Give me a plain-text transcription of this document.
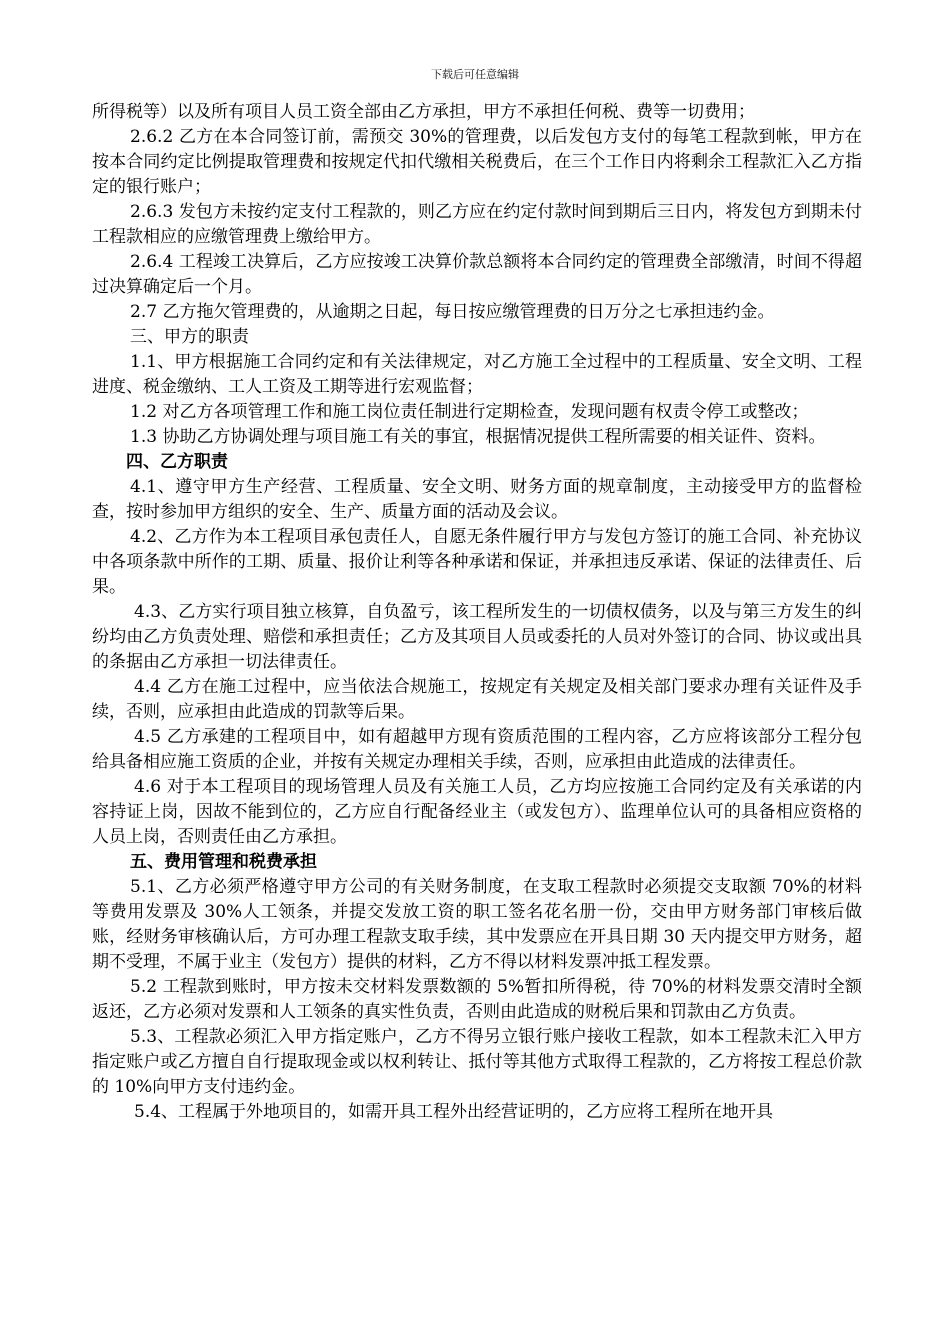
下载后可任意编辑

所得税等）以及所有项目人员工资全部由乙方承担，甲方不承担任何税、费等一切费用；

2.6.2 乙方在本合同签订前，需预交 30%的管理费，以后发包方支付的每笔工程款到帐，甲方在按本合同约定比例提取管理费和按规定代扣代缴相关税费后，在三个工作日内将剩余工程款汇入乙方指定的银行账户；

2.6.3 发包方未按约定支付工程款的，则乙方应在约定付款时间到期后三日内，将发包方到期未付工程款相应的应缴管理费上缴给甲方。

2.6.4 工程竣工决算后，乙方应按竣工决算价款总额将本合同约定的管理费全部缴清，时间不得超过决算确定后一个月。

2.7 乙方拖欠管理费的，从逾期之日起，每日按应缴管理费的日万分之七承担违约金。

三、甲方的职责

1.1、甲方根据施工合同约定和有关法律规定，对乙方施工全过程中的工程质量、安全文明、工程进度、税金缴纳、工人工资及工期等进行宏观监督；

1.2 对乙方各项管理工作和施工岗位责任制进行定期检查，发现问题有权责令停工或整改；

1.3 协助乙方协调处理与项目施工有关的事宜，根据情况提供工程所需要的相关证件、资料。

四、乙方职责

4.1、遵守甲方生产经营、工程质量、安全文明、财务方面的规章制度，主动接受甲方的监督检查，按时参加甲方组织的安全、生产、质量方面的活动及会议。

4.2、乙方作为本工程项目承包责任人，自愿无条件履行甲方与发包方签订的施工合同、补充协议中各项条款中所作的工期、质量、报价让利等各种承诺和保证，并承担违反承诺、保证的法律责任、后果。

4.3、乙方实行项目独立核算，自负盈亏，该工程所发生的一切债权债务，以及与第三方发生的纠纷均由乙方负责处理、赔偿和承担责任；乙方及其项目人员或委托的人员对外签订的合同、协议或出具的条据由乙方承担一切法律责任。

4.4 乙方在施工过程中，应当依法合规施工，按规定有关规定及相关部门要求办理有关证件及手续，否则，应承担由此造成的罚款等后果。

4.5 乙方承建的工程项目中，如有超越甲方现有资质范围的工程内容，乙方应将该部分工程分包给具备相应施工资质的企业，并按有关规定办理相关手续，否则，应承担由此造成的法律责任。

4.6 对于本工程项目的现场管理人员及有关施工人员，乙方均应按施工合同约定及有关承诺的内容持证上岗，因故不能到位的，乙方应自行配备经业主（或发包方）、监理单位认可的具备相应资格的人员上岗，否则责任由乙方承担。

五、费用管理和税费承担

5.1、乙方必须严格遵守甲方公司的有关财务制度，在支取工程款时必须提交支取额 70%的材料等费用发票及 30%人工领条，并提交发放工资的职工签名花名册一份，交由甲方财务部门审核后做账，经财务审核确认后，方可办理工程款支取手续，其中发票应在开具日期 30 天内提交甲方财务，超期不受理，不属于业主（发包方）提供的材料，乙方不得以材料发票冲抵工程发票。

5.2 工程款到账时，甲方按未交材料发票数额的 5%暂扣所得税，待 70%的材料发票交清时全额返还，乙方必须对发票和人工领条的真实性负责，否则由此造成的财税后果和罚款由乙方负责。

5.3、工程款必须汇入甲方指定账户，乙方不得另立银行账户接收工程款，如本工程款未汇入甲方指定账户或乙方擅自自行提取现金或以权利转让、抵付等其他方式取得工程款的，乙方将按工程总价款的 10%向甲方支付违约金。

5.4、工程属于外地项目的，如需开具工程外出经营证明的，乙方应将工程所在地开具
